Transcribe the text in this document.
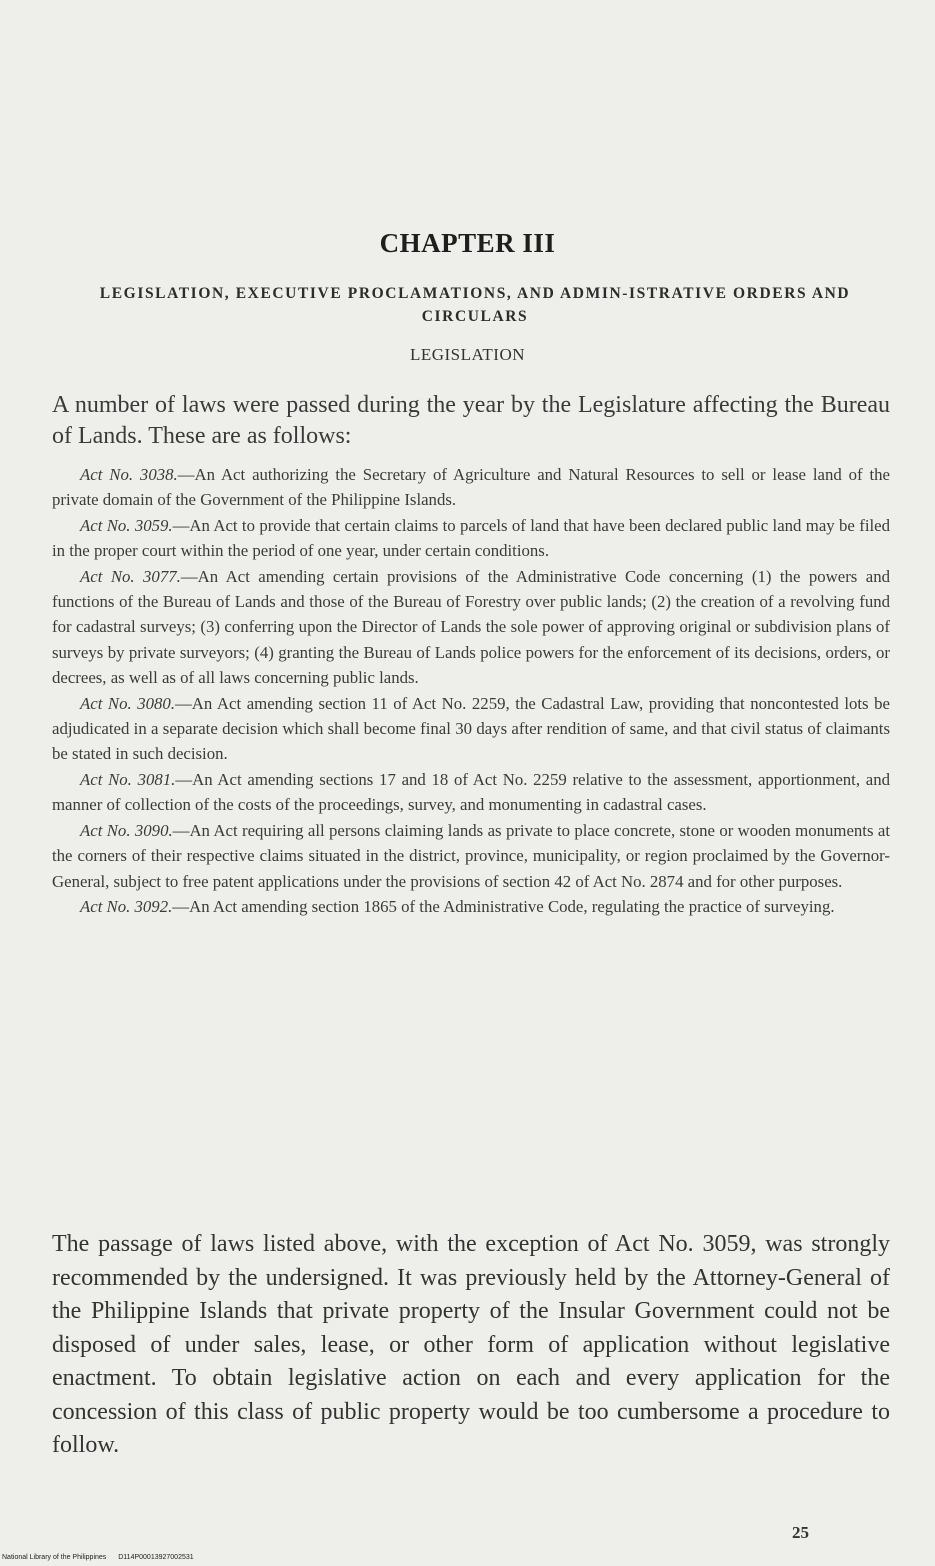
CHAPTER III
LEGISLATION, EXECUTIVE PROCLAMATIONS, AND ADMIN-ISTRATIVE ORDERS AND CIRCULARS
LEGISLATION

A number of laws were passed during the year by the Legislature affecting the Bureau of Lands. These are as follows:

Act No. 3038.—An Act authorizing the Secretary of Agriculture and Natural Resources to sell or lease land of the private domain of the Government of the Philippine Islands.

Act No. 3059.—An Act to provide that certain claims to parcels of land that have been declared public land may be filed in the proper court within the period of one year, under certain conditions.

Act No. 3077.—An Act amending certain provisions of the Administrative Code concerning (1) the powers and functions of the Bureau of Lands and those of the Bureau of Forestry over public lands; (2) the creation of a revolving fund for cadastral surveys; (3) conferring upon the Director of Lands the sole power of approving original or subdivision plans of surveys by private surveyors; (4) granting the Bureau of Lands police powers for the enforcement of its decisions, orders, or decrees, as well as of all laws concerning public lands.

Act No. 3080.—An Act amending section 11 of Act No. 2259, the Cadastral Law, providing that noncontested lots be adjudicated in a separate decision which shall become final 30 days after rendition of same, and that civil status of claimants be stated in such decision.

Act No. 3081.—An Act amending sections 17 and 18 of Act No. 2259 relative to the assessment, apportionment, and manner of collection of the costs of the proceedings, survey, and monumenting in cadastral cases.

Act No. 3090.—An Act requiring all persons claiming lands as private to place concrete, stone or wooden monuments at the corners of their respective claims situated in the district, province, municipality, or region proclaimed by the Governor-General, subject to free patent applications under the provisions of section 42 of Act No. 2874 and for other purposes.

Act No. 3092.—An Act amending section 1865 of the Administrative Code, regulating the practice of surveying.

The passage of laws listed above, with the exception of Act No. 3059, was strongly recommended by the undersigned. It was previously held by the Attorney-General of the Philippine Islands that private property of the Insular Government could not be disposed of under sales, lease, or other form of application without legislative enactment. To obtain legislative action on each and every application for the concession of this class of public property would be too cumbersome a procedure to follow.

25
National Library of the Philippines D114P00013927002531
